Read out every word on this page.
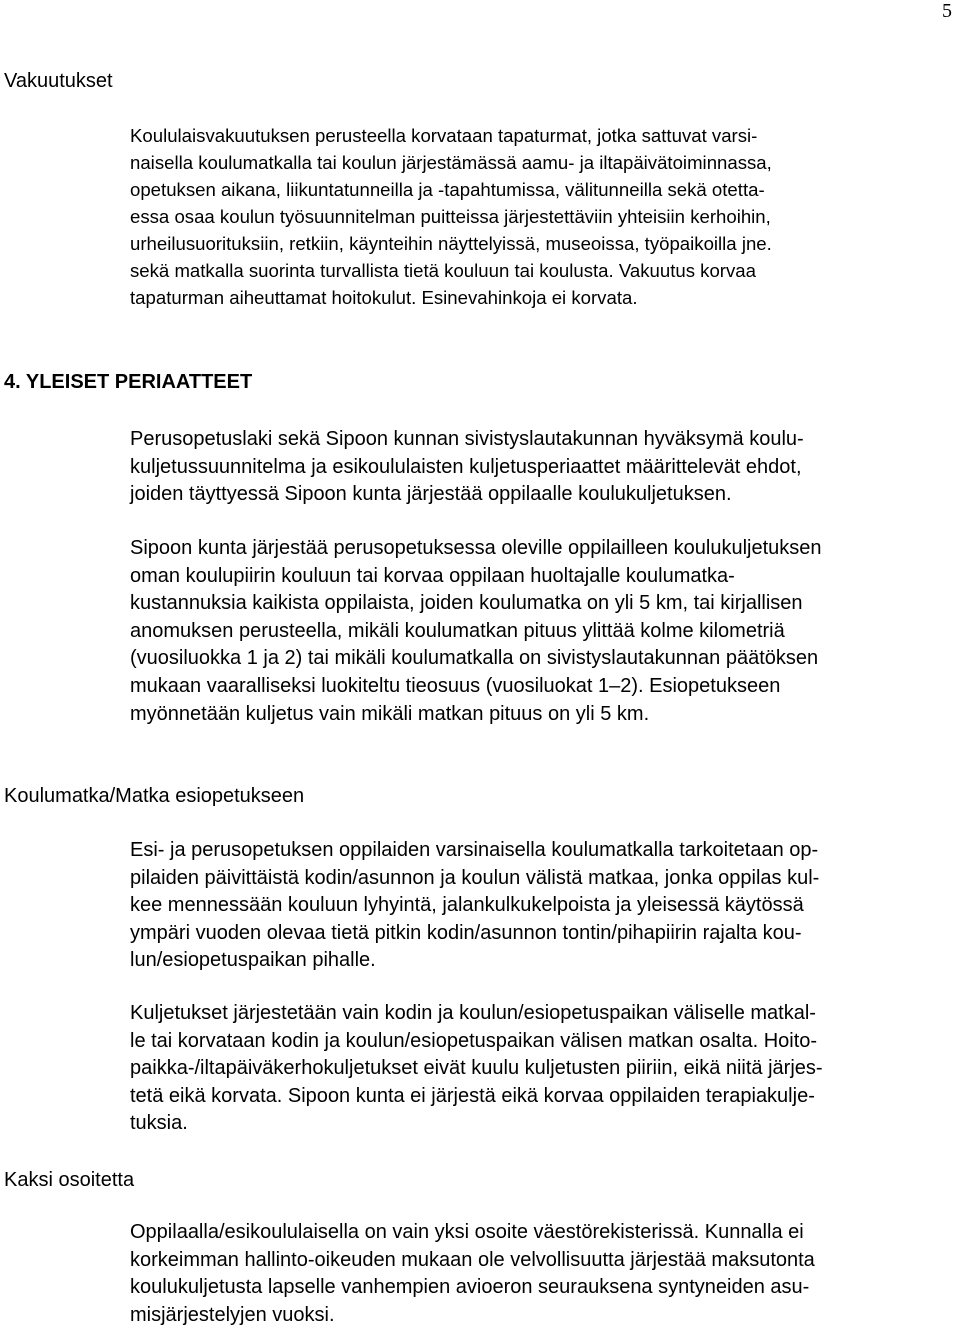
5
Vakuutukset
Koululaisvakuutuksen perusteella korvataan tapaturmat, jotka sattuvat varsi-
naisella koulumatkalla tai koulun järjestämässä aamu- ja iltapäivätoiminnassa,
opetuksen aikana, liikuntatunneilla ja -tapahtumissa, välitunneilla sekä otetta-
essa osaa koulun työsuunnitelman puitteissa järjestettäviin yhteisiin kerhoihin,
urheilusuorituksiin, retkiin, käynteihin näyttelyissä, museoissa, työpaikoilla jne.
sekä matkalla suorinta turvallista tietä kouluun tai koulusta. Vakuutus korvaa
tapaturman aiheuttamat hoitokulut. Esinevahinkoja ei korvata.
4. YLEISET PERIAATTEET
Perusopetuslaki sekä Sipoon kunnan sivistyslautakunnan hyväksymä koulu-
kuljetussuunnitelma ja esikoululaisten kuljetusperiaattet määrittelevät ehdot,
joiden täyttyessä Sipoon kunta järjestää oppilaalle koulukuljetuksen.
Sipoon kunta järjestää perusopetuksessa oleville oppilailleen koulukuljetuksen
oman koulupiirin kouluun tai korvaa oppilaan huoltajalle koulumatka-
kustannuksia kaikista oppilaista, joiden koulumatka on yli 5 km, tai kirjallisen
anomuksen perusteella, mikäli koulumatkan pituus ylittää kolme kilometriä
(vuosiluokka 1 ja 2) tai mikäli koulumatkalla on sivistyslautakunnan päätöksen
mukaan vaaralliseksi luokiteltu tieosuus (vuosiluokat 1–2). Esiopetukseen
myönnetään kuljetus vain mikäli matkan pituus on yli 5 km.
Koulumatka/Matka esiopetukseen
Esi- ja perusopetuksen oppilaiden varsinaisella koulumatkalla tarkoitetaan op-
pilaiden päivittäistä kodin/asunnon ja koulun välistä matkaa, jonka oppilas kul-
kee mennessään kouluun lyhyintä, jalankulkukelpoista ja yleisessä käytössä
ympäri vuoden olevaa tietä pitkin kodin/asunnon tontin/pihapiirin rajalta kou-
lun/esiopetuspaikan pihalle.
Kuljetukset järjestetään vain kodin ja koulun/esiopetuspaikan väliselle matkal-
le tai korvataan kodin ja koulun/esiopetuspaikan välisen matkan osalta. Hoito-
paikka-/iltapäiväkerhokuljetukset eivät kuulu kuljetusten piiriin, eikä niitä järjes-
tetä eikä korvata. Sipoon kunta ei järjestä eikä korvaa oppilaiden terapiakulje-
tuksia.
Kaksi osoitetta
Oppilaalla/esikoululaisella on vain yksi osoite väestörekisterissä. Kunnalla ei
korkeimman hallinto-oikeuden mukaan ole velvollisuutta järjestää maksutonta
koulukuljetusta lapselle vanhempien avioeron seurauksena syntyneiden asu-
misjärjestelyjen vuoksi.
